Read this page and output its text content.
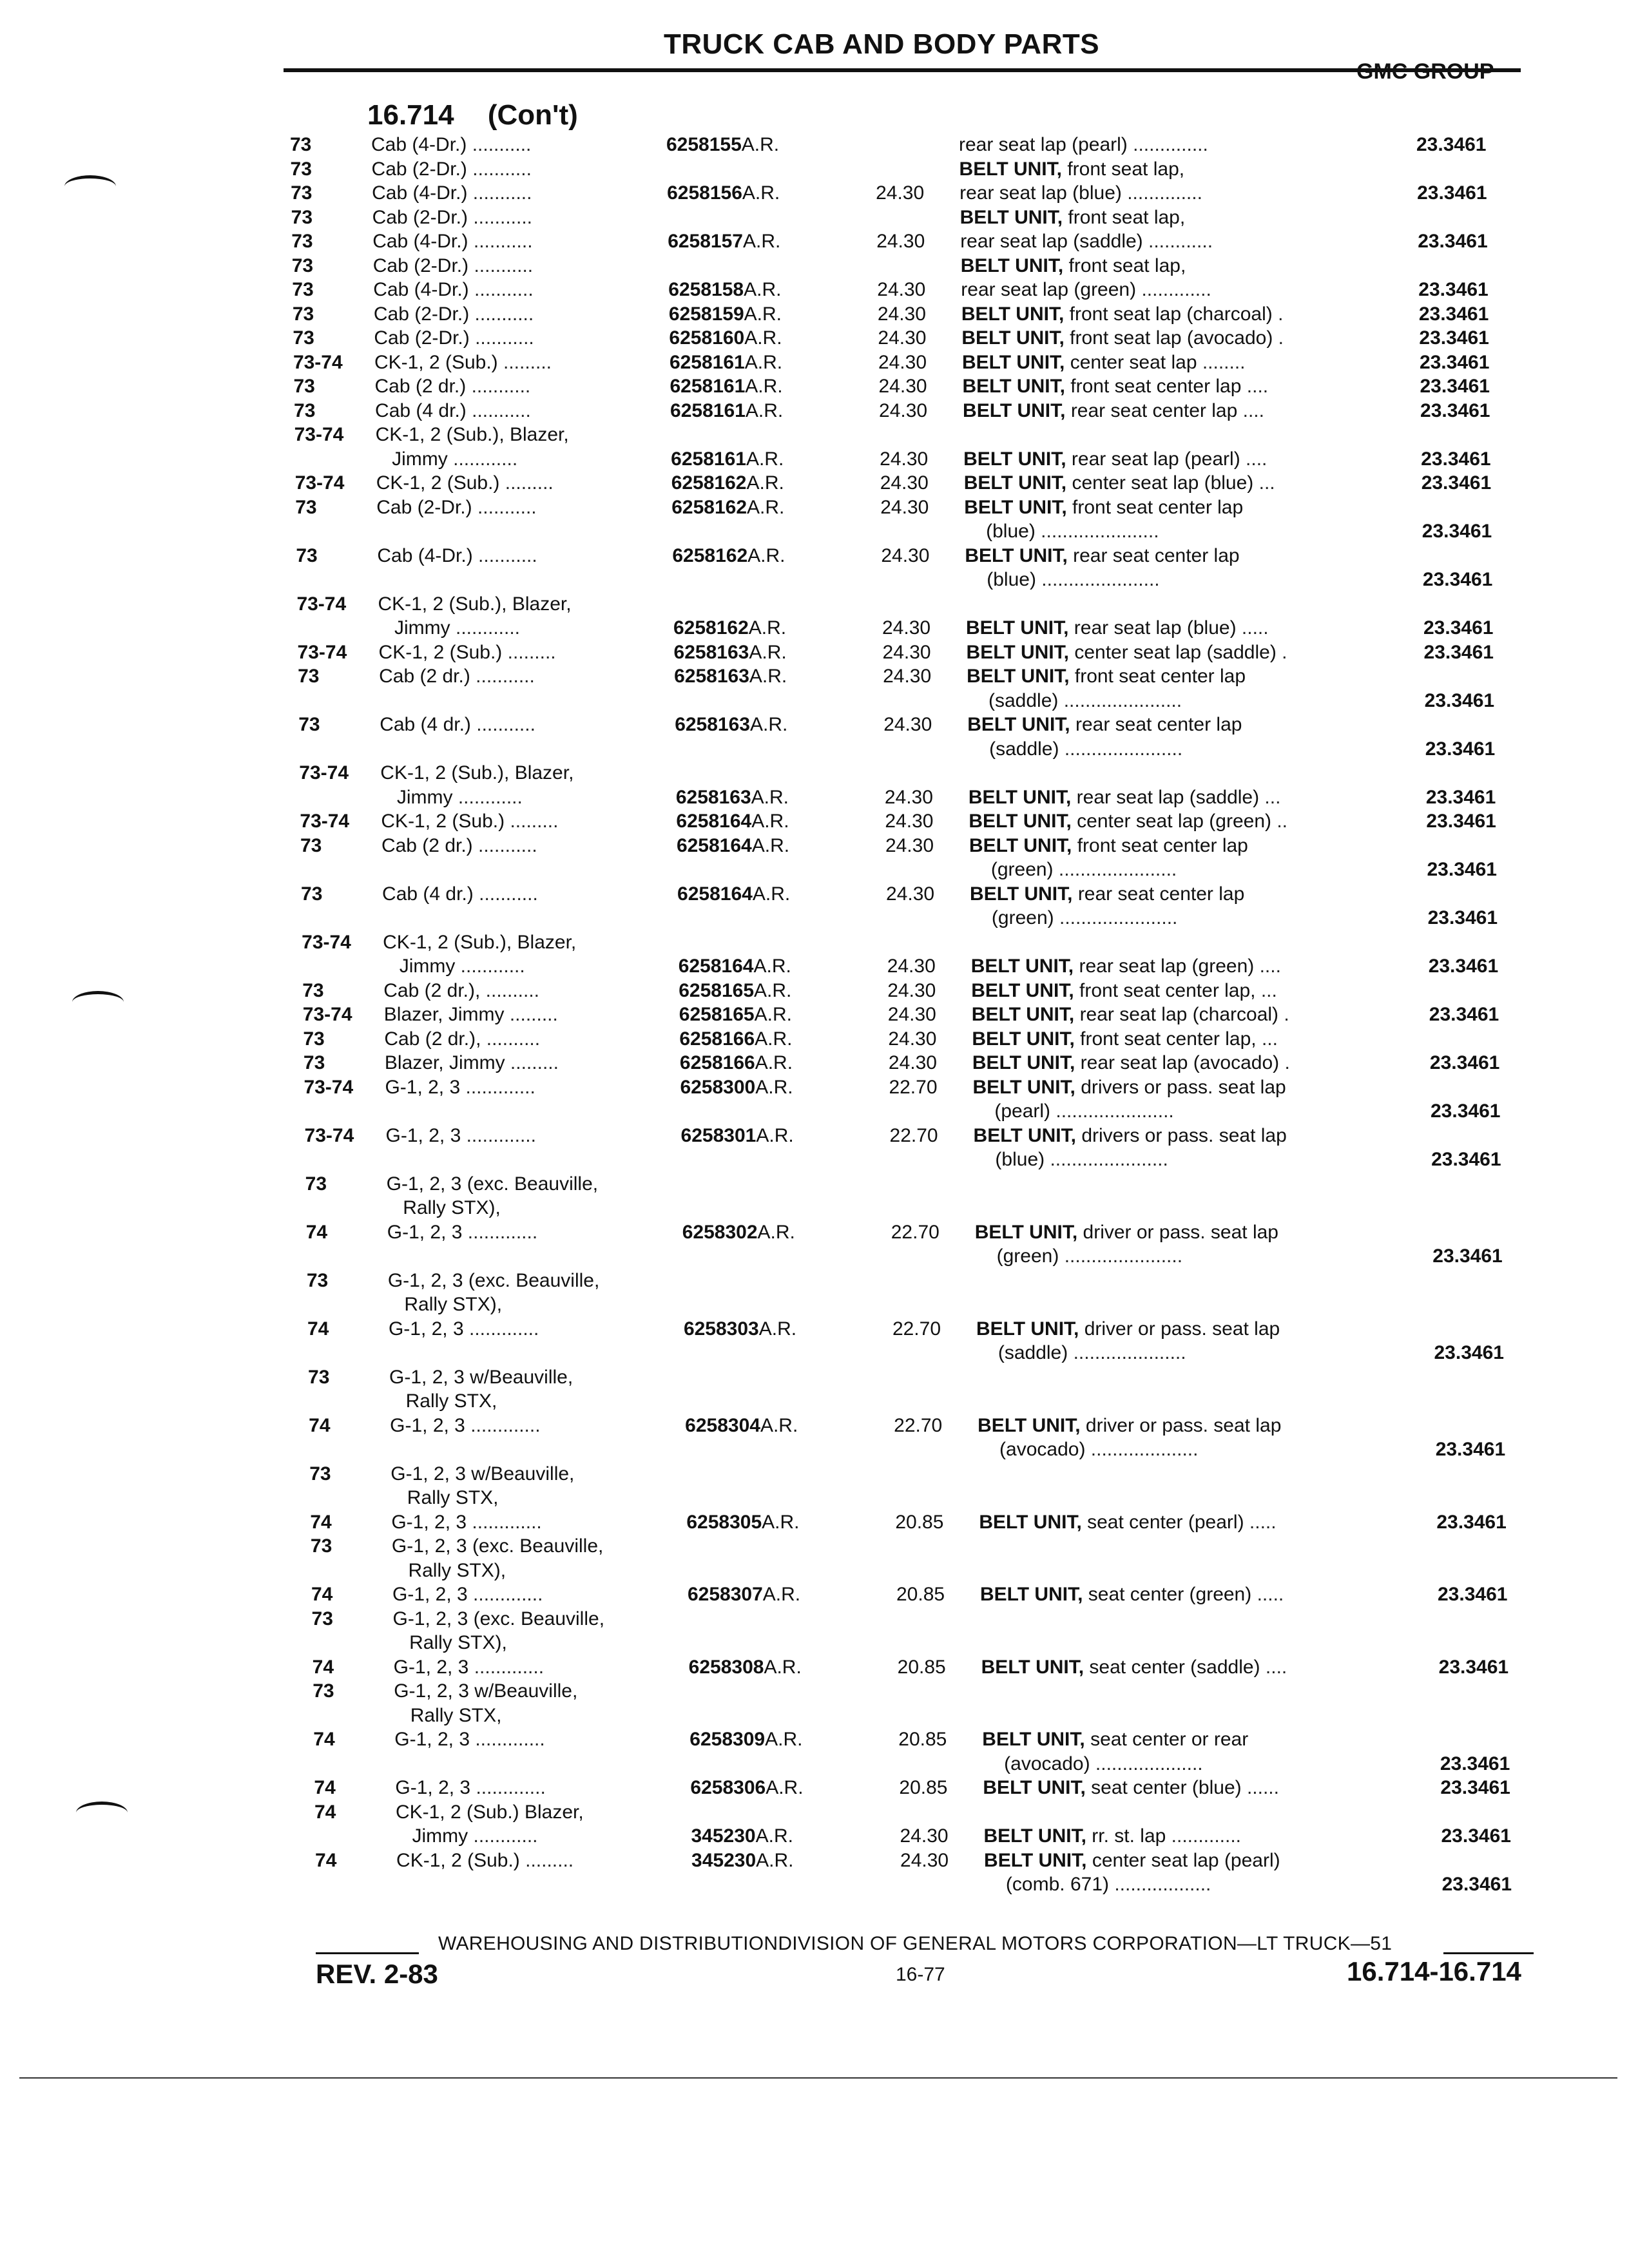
TRUCK CAB AND BODY PARTS
GMC GROUP
16.714 (Con't)
73	Cab (4-Dr.) ...........	6258155A.R.	rear seat lap (pearl) ..............	23.3461
73	Cab (2-Dr.) ...........	BELT UNIT, front seat lap,
73	Cab (4-Dr.) ...........	6258156A.R.	24.30 rear seat lap (blue) ..............	23.3461
73	Cab (2-Dr.) ...........	BELT UNIT, front seat lap,
73	Cab (4-Dr.) ...........	6258157A.R.	24.30 rear seat lap (saddle) ............	23.3461
73	Cab (2-Dr.) ...........	BELT UNIT, front seat lap,
73	Cab (4-Dr.) ...........	6258158A.R.	24.30 rear seat lap (green) .............	23.3461
73	Cab (2-Dr.) ...........	6258159A.R.	24.30 BELT UNIT, front seat lap (charcoal) .	23.3461
73	Cab (2-Dr.) ...........	6258160A.R.	24.30 BELT UNIT, front seat lap (avocado) .	23.3461
73-74 CK-1, 2 (Sub.) .........	6258161A.R.	24.30 BELT UNIT, center seat lap ........	23.3461
73	Cab (2 dr.) ...........	6258161A.R.	24.30 BELT UNIT, front seat center lap ....	23.3461
73	Cab (4 dr.) ...........	6258161A.R.	24.30 BELT UNIT, rear seat center lap ....	23.3461
73-74 CK-1, 2 (Sub.), Blazer,
Jimmy ............	6258161A.R.	24.30 BELT UNIT, rear seat lap (pearl) ....	23.3461
73-74 CK-1, 2 (Sub.) .........	6258162A.R.	24.30 BELT UNIT, center seat lap (blue) ...	23.3461
73	Cab (2-Dr.) ...........	6258162A.R.	24.30 BELT UNIT, front seat center lap
(blue) ......................	23.3461
73	Cab (4-Dr.) ...........	6258162A.R.	24.30 BELT UNIT, rear seat center lap
(blue) ......................	23.3461
73-74 CK-1, 2 (Sub.), Blazer,
Jimmy ............	6258162A.R.	24.30 BELT UNIT, rear seat lap (blue) .....	23.3461
73-74 CK-1, 2 (Sub.) .........	6258163A.R.	24.30 BELT UNIT, center seat lap (saddle) .	23.3461
73	Cab (2 dr.) ...........	6258163A.R.	24.30 BELT UNIT, front seat center lap
(saddle) ......................	23.3461
73	Cab (4 dr.) ...........	6258163A.R.	24.30 BELT UNIT, rear seat center lap
(saddle) ......................	23.3461
73-74 CK-1, 2 (Sub.), Blazer,
Jimmy ............	6258163A.R.	24.30 BELT UNIT, rear seat lap (saddle) ...	23.3461
73-74 CK-1, 2 (Sub.) .........	6258164A.R.	24.30 BELT UNIT, center seat lap (green) ..	23.3461
73	Cab (2 dr.) ...........	6258164A.R.	24.30 BELT UNIT, front seat center lap
(green) ......................	23.3461
73	Cab (4 dr.) ...........	6258164A.R.	24.30 BELT UNIT, rear seat center lap
(green) ......................	23.3461
73-74 CK-1, 2 (Sub.), Blazer,
Jimmy ............	6258164A.R.	24.30 BELT UNIT, rear seat lap (green) ....	23.3461
73	Cab (2 dr.), ..........	6258165A.R.	24.30 BELT UNIT, front seat center lap, ...
73-74 Blazer, Jimmy .........	6258165A.R.	24.30 BELT UNIT, rear seat lap (charcoal) .	23.3461
73	Cab (2 dr.), ..........	6258166A.R.	24.30 BELT UNIT, front seat center lap, ...
73	Blazer, Jimmy .........	6258166A.R.	24.30 BELT UNIT, rear seat lap (avocado) .	23.3461
73-74 G-1, 2, 3 .............	6258300A.R.	22.70 BELT UNIT, drivers or pass. seat lap
(pearl) ......................	23.3461
73-74 G-1, 2, 3 .............	6258301A.R.	22.70 BELT UNIT, drivers or pass. seat lap
(blue) ......................	23.3461
73	G-1, 2, 3 (exc. Beauville,
Rally STX),
74	G-1, 2, 3 .............	6258302A.R.	22.70 BELT UNIT, driver or pass. seat lap
(green) ......................	23.3461
73	G-1, 2, 3 (exc. Beauville,
Rally STX),
74	G-1, 2, 3 .............	6258303A.R.	22.70 BELT UNIT, driver or pass. seat lap
(saddle) .....................	23.3461
73	G-1, 2, 3 w/Beauville,
Rally STX,
74	G-1, 2, 3 .............	6258304A.R.	22.70 BELT UNIT, driver or pass. seat lap
(avocado) ....................	23.3461
73	G-1, 2, 3 w/Beauville,
Rally STX,
74	G-1, 2, 3 .............	6258305A.R.	20.85 BELT UNIT, seat center (pearl) .....	23.3461
73	G-1, 2, 3 (exc. Beauville,
Rally STX),
74	G-1, 2, 3 .............	6258307A.R.	20.85 BELT UNIT, seat center (green) .....	23.3461
73	G-1, 2, 3 (exc. Beauville,
Rally STX),
74	G-1, 2, 3 .............	6258308A.R.	20.85 BELT UNIT, seat center (saddle) ....	23.3461
73	G-1, 2, 3 w/Beauville,
Rally STX,
74	G-1, 2, 3 .............	6258309A.R.	20.85 BELT UNIT, seat center or rear
(avocado) ....................	23.3461
74	G-1, 2, 3 .............	6258306A.R.	20.85 BELT UNIT, seat center (blue) ......	23.3461
74	CK-1, 2 (Sub.) Blazer,
Jimmy ............	345230A.R.	24.30 BELT UNIT, rr. st. lap .............	23.3461
74	CK-1, 2 (Sub.) .........	345230A.R.	24.30 BELT UNIT, center seat lap (pearl)
(comb. 671) ..................	23.3461
WAREHOUSING AND DISTRIBUTIONDIVISION OF GENERAL MOTORS CORPORATION—LT TRUCK—51
REV. 2-83	16-77	16.714-16.714
